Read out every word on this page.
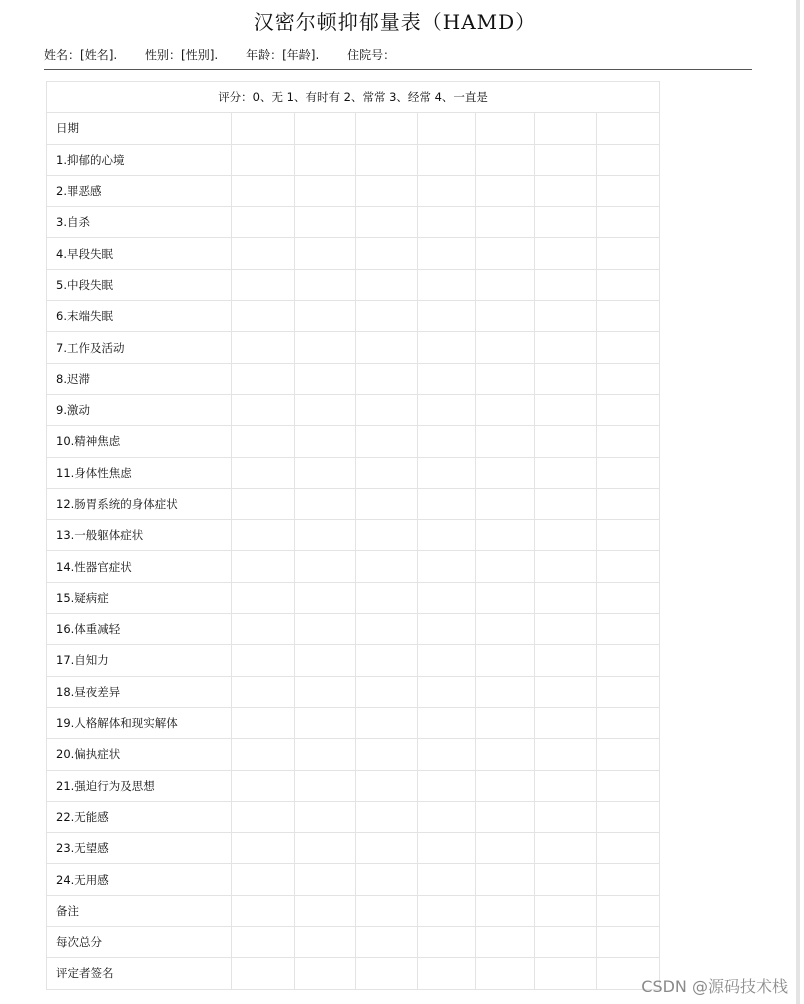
汉密尔顿抑郁量表（HAMD）
姓名：[姓名]. 性别：[性别]. 年龄：[年龄]. 住院号：
评分：0、无 1、有时有 2、常常 3、经常 4、一直是							
日期							
1.抑郁的心境							
2.罪恶感							
3.自杀							
4.早段失眠							
5.中段失眠							
6.末端失眠							
7.工作及活动							
8.迟滞							
9.激动							
10.精神焦虑							
11.身体性焦虑							
12.肠胃系统的身体症状							
13.一般躯体症状							
14.性器官症状							
15.疑病症							
16.体重减轻							
17.自知力							
18.昼夜差异							
19.人格解体和现实解体							
20.偏执症状							
21.强迫行为及思想							
22.无能感							
23.无望感							
24.无用感							
备注							
每次总分							
评定者签名							
CSDN @源码技术栈
